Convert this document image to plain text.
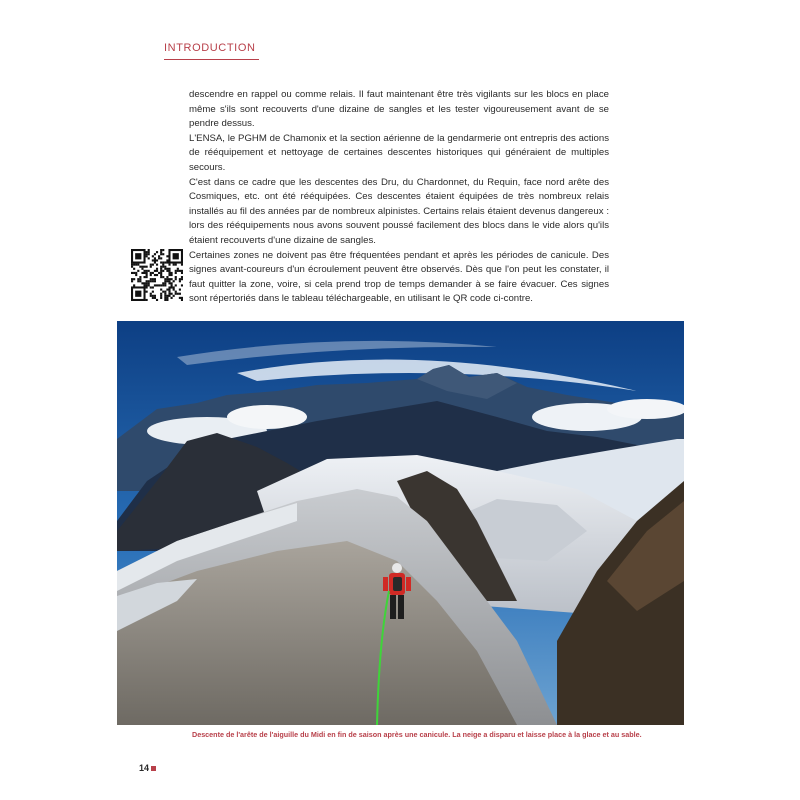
INTRODUCTION

descendre en rappel ou comme relais. Il faut maintenant être très vigilants sur les blocs en place même s'ils sont recouverts d'une dizaine de sangles et les tester vigoureusement avant de se pendre dessus.

L'ENSA, le PGHM de Chamonix et la section aérienne de la gendarmerie ont entrepris des actions de rééquipement et nettoyage de certaines descentes historiques qui généraient de multiples secours.

C'est dans ce cadre que les descentes des Dru, du Chardonnet, du Requin, face nord arête des Cosmiques, etc. ont été rééquipées. Ces descentes étaient équipées de très nombreux relais installés au fil des années par de nombreux alpinistes. Certains relais étaient devenus dangereux : lors des rééquipements nous avons souvent poussé facilement des blocs dans le vide alors qu'ils étaient recouverts d'une dizaine de sangles.

Certaines zones ne doivent pas être fréquentées pendant et après les périodes de canicule. Des signes avant-coureurs d'un écroulement peuvent être observés. Dès que l'on peut les constater, il faut quitter la zone, voire, si cela prend trop de temps demander à se faire évacuer. Ces signes sont répertoriés dans le tableau téléchargeable, en utilisant le QR code ci-contre.

Descente de l'arête de l'aiguille du Midi en fin de saison après une canicule. La neige a disparu et laisse place à la glace et au sable.
14
